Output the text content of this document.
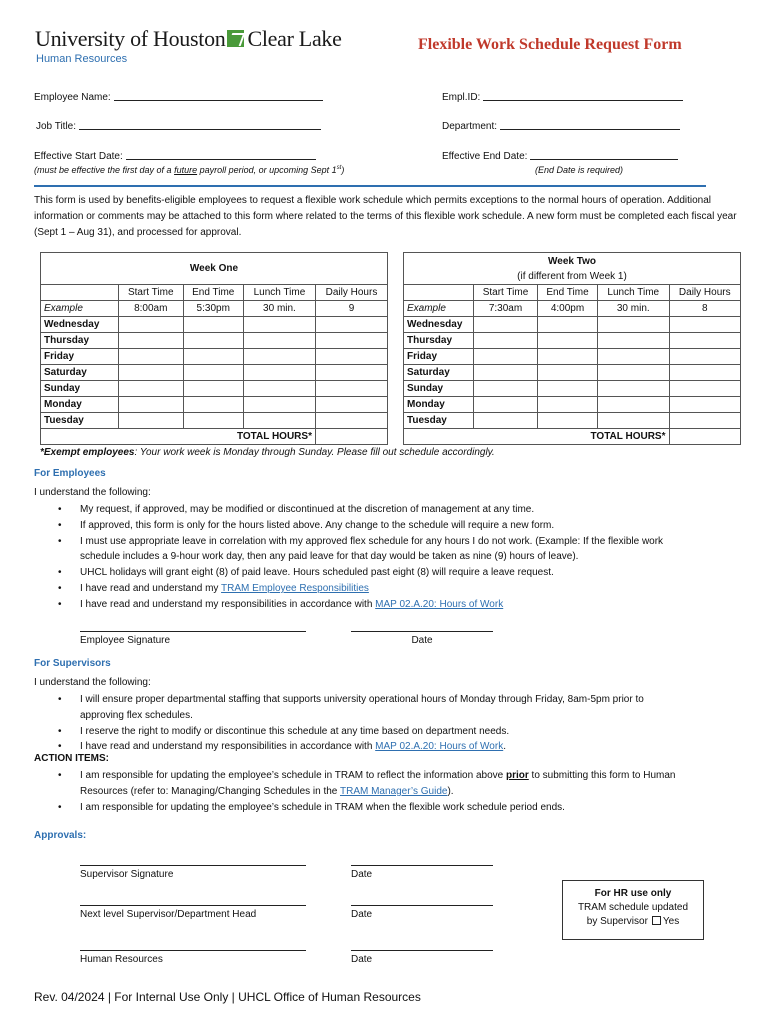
University of Houston Clear Lake
Human Resources
Flexible Work Schedule Request Form
Employee Name:	Empl.ID:
Job Title:	Department:
Effective Start Date:
(must be effective the first day of a future payroll period, or upcoming Sept 1st)
Effective End Date:
(End Date is required)
This form is used by benefits-eligible employees to request a flexible work schedule which permits exceptions to the normal hours of operation. Additional information or comments may be attached to this form where related to the terms of this flexible work schedule. A new form must be completed each fiscal year (Sept 1 – Aug 31), and processed for approval.
Week One				
	Start Time	End Time	Lunch Time	Daily Hours
Example	8:00am	5:30pm	30 min.	9
Wednesday				
Thursday				
Friday				
Saturday				
Sunday				
Monday				
Tuesday				
TOTAL HOURS*				
Week Two
(if different from Week 1)				

	Start Time	End Time	Lunch Time	Daily Hours
Example	7:30am	4:00pm	30 min.	8
Wednesday				
Thursday				
Friday				
Saturday				
Sunday				
Monday				
Tuesday				
TOTAL HOURS*				
*Exempt employees: Your work week is Monday through Sunday. Please fill out schedule accordingly.
For Employees
I understand the following:
• My request, if approved, may be modified or discontinued at the discretion of management at any time.
• If approved, this form is only for the hours listed above. Any change to the schedule will require a new form.
• I must use appropriate leave in correlation with my approved flex schedule for any hours I do not work. (Example: If the flexible work
schedule includes a 9-hour work day, then any paid leave for that day would be taken as nine (9) hours of leave).
• UHCL holidays will grant eight (8) of paid leave. Hours scheduled past eight (8) will require a leave request.
• I have read and understand my TRAM Employee Responsibilities
• I have read and understand my responsibilities in accordance with MAP 02.A.20: Hours of Work
Employee Signature	Date
For Supervisors
I understand the following:
• I will ensure proper departmental staffing that supports university operational hours of Monday through Friday, 8am-5pm prior to
approving flex schedules.
• I reserve the right to modify or discontinue this schedule at any time based on department needs.
• I have read and understand my responsibilities in accordance with MAP 02.A.20: Hours of Work.
ACTION ITEMS:
• I am responsible for updating the employee’s schedule in TRAM to reflect the information above prior to submitting this form to Human
Resources (refer to: Managing/Changing Schedules in the TRAM Manager’s Guide).
• I am responsible for updating the employee’s schedule in TRAM when the flexible work schedule period ends.
Approvals:
Supervisor Signature	Date
Next level Supervisor/Department Head	Date
Human Resources	Date
For HR use only
TRAM schedule updated
by Supervisor Yes
Rev. 04/2024 | For Internal Use Only | UHCL Office of Human Resources
